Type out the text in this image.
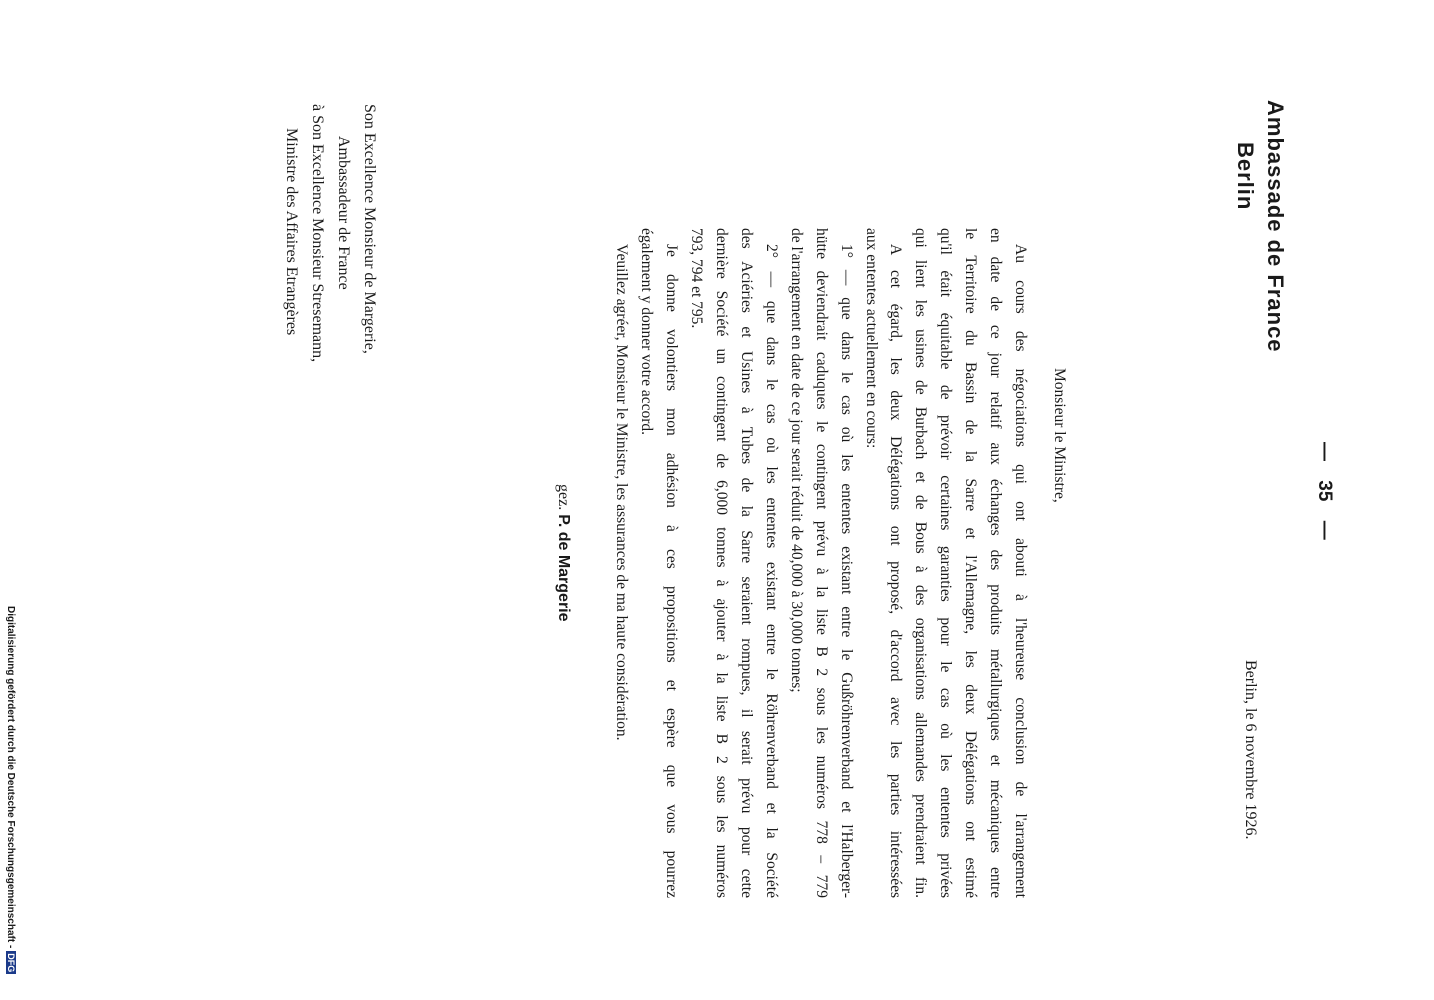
Ambassade de France
Berlin
— 35 —
Berlin, le 6 novembre 1926.
Monsieur le Ministre,
Au cours des négociations qui ont abouti à l'heureuse conclusion de l'arrangement
en date de ce jour relatif aux échanges des produits métallurgiques et mécaniques entre
le Territoire du Bassin de la Sarre et l'Allemagne, les deux Délégations ont estimé
qu'il était équitable de prévoir certaines garanties pour le cas où les ententes privées
qui lient les usines de Burbach et de Bous à des organisations allemandes prendraient fin.
A cet égard, les deux Délégations ont proposé, d'accord avec les parties intéressées
aux ententes actuellement en cours:
1° — que dans le cas où les ententes existant entre le Gußröhrenverband et l'Halberger-
hütte deviendrait caduques le contingent prévu à la liste B 2 sous les numéros 778 – 779
de l'arrangement en date de ce jour serait réduit de 40,000 à 30,000 tonnes;
2° — que dans le cas où les ententes existant entre le Röhrenverband et la Société
des Aciéries et Usines à Tubes de la Sarre seraient rompues, il serait prévu pour cette
dernière Société un contingent de 6,000 tonnes à ajouter à la liste B 2 sous les numéros
793, 794 et 795.
Je donne volontiers mon adhésion à ces propositions et espère que vous pourrez
également y donner votre accord.
Veuillez agréer, Monsieur le Ministre, les assurances de ma haute considération.
gez. P. de Margerie
Son Excellence Monsieur de Margerie,
Ambassadeur de France
à Son Excellence Monsieur Stresemann,
Ministre des Affaires Etrangères
Digitalisierung gefördert durch die Deutsche Forschungsgemeinschaft -DFG
